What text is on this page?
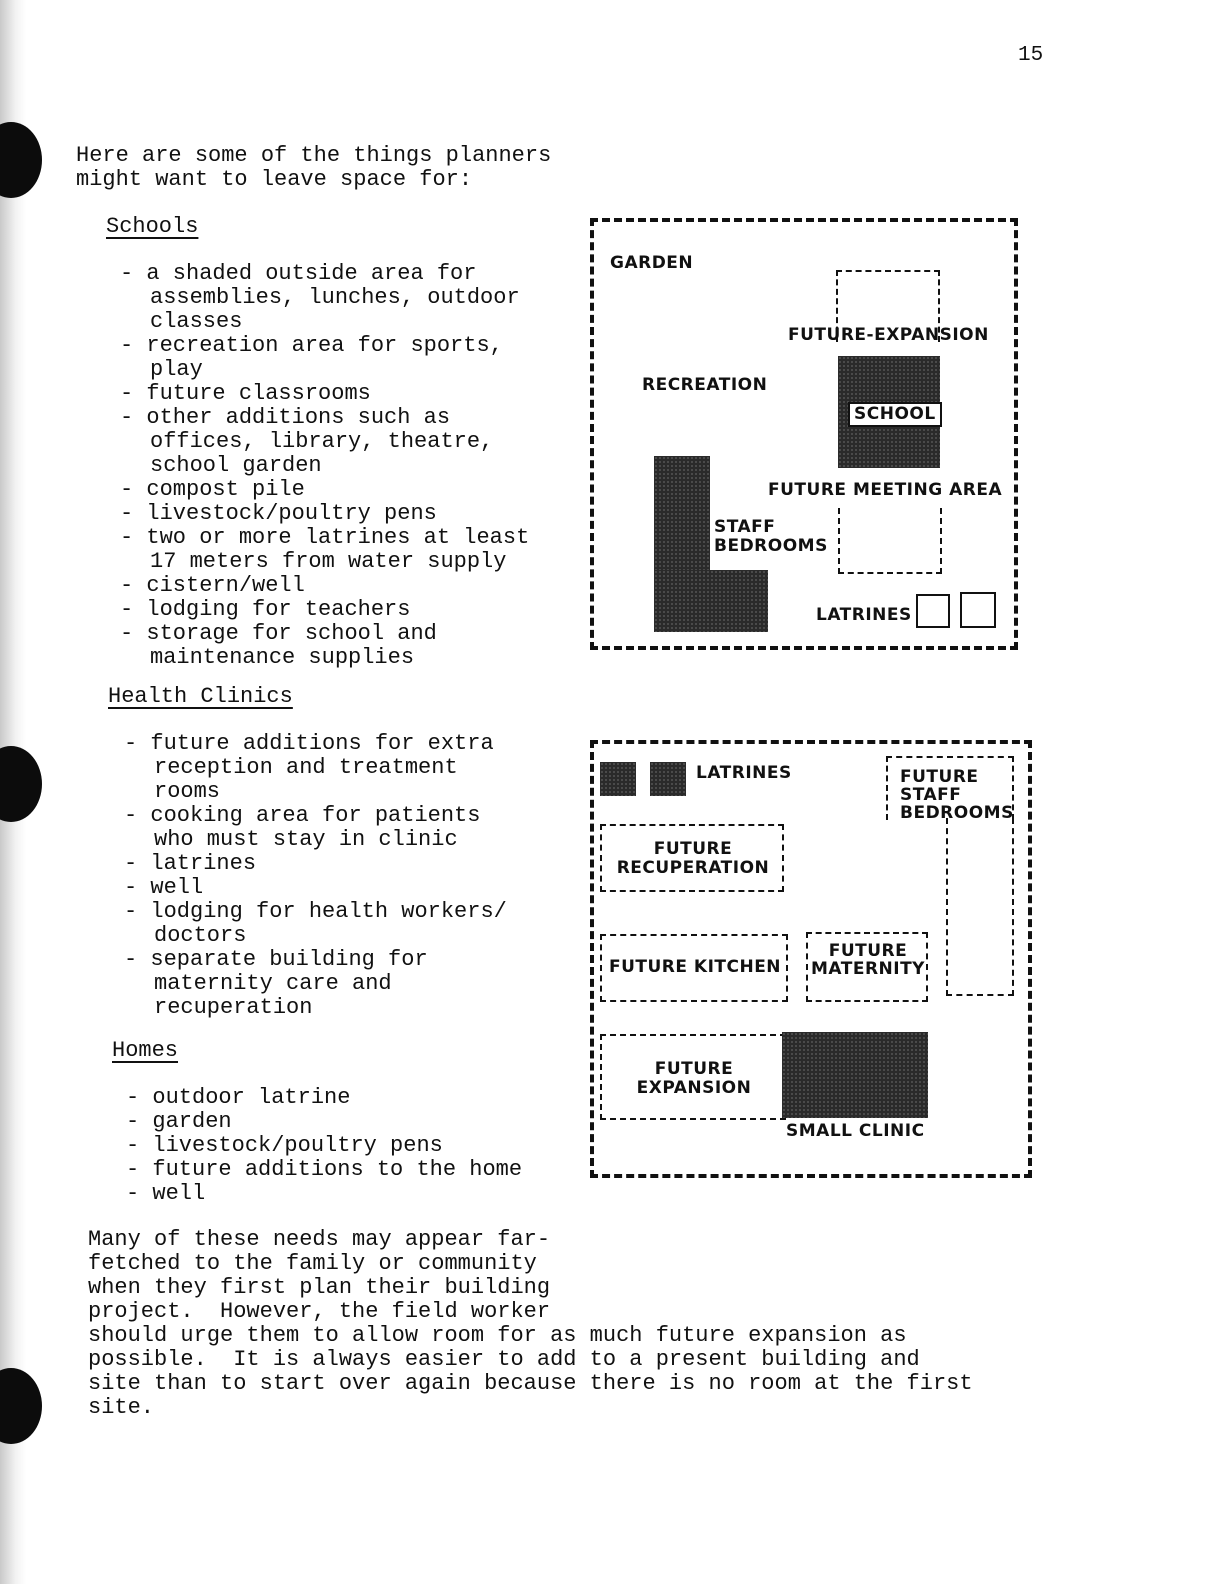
15
Here are some of the things planners
might want to leave space for:
Schools
- a shaded outside area for
assemblies, lunches, outdoor
classes
- recreation area for sports,
play
- future classrooms
- other additions such as
offices, library, theatre,
school garden
- compost pile
- livestock/poultry pens
- two or more latrines at least
17 meters from water supply
- cistern/well
- lodging for teachers
- storage for school and
maintenance supplies
Health Clinics
- future additions for extra
reception and treatment
rooms
- cooking area for patients
who must stay in clinic
- latrines
- well
- lodging for health workers/
doctors
- separate building for
maternity care and
recuperation
Homes
- outdoor latrine
- garden
- livestock/poultry pens
- future additions to the home
- well
Many of these needs may appear far-
fetched to the family or community
when they first plan their building
project.  However, the field worker
should urge them to allow room for as much future expansion as
possible.  It is always easier to add to a present building and
site than to start over again because there is no room at the first
site.
GARDEN
FUTURE-EXPANSION
RECREATION
SCHOOL
FUTURE MEETING AREA
STAFF
BEDROOMS
LATRINES
LATRINES	FUTURE
STAFF
BEDROOMS
FUTURE
RECUPERATION
FUTURE KITCHEN
FUTURE
MATERNITY
FUTURE
EXPANSION
SMALL CLINIC
